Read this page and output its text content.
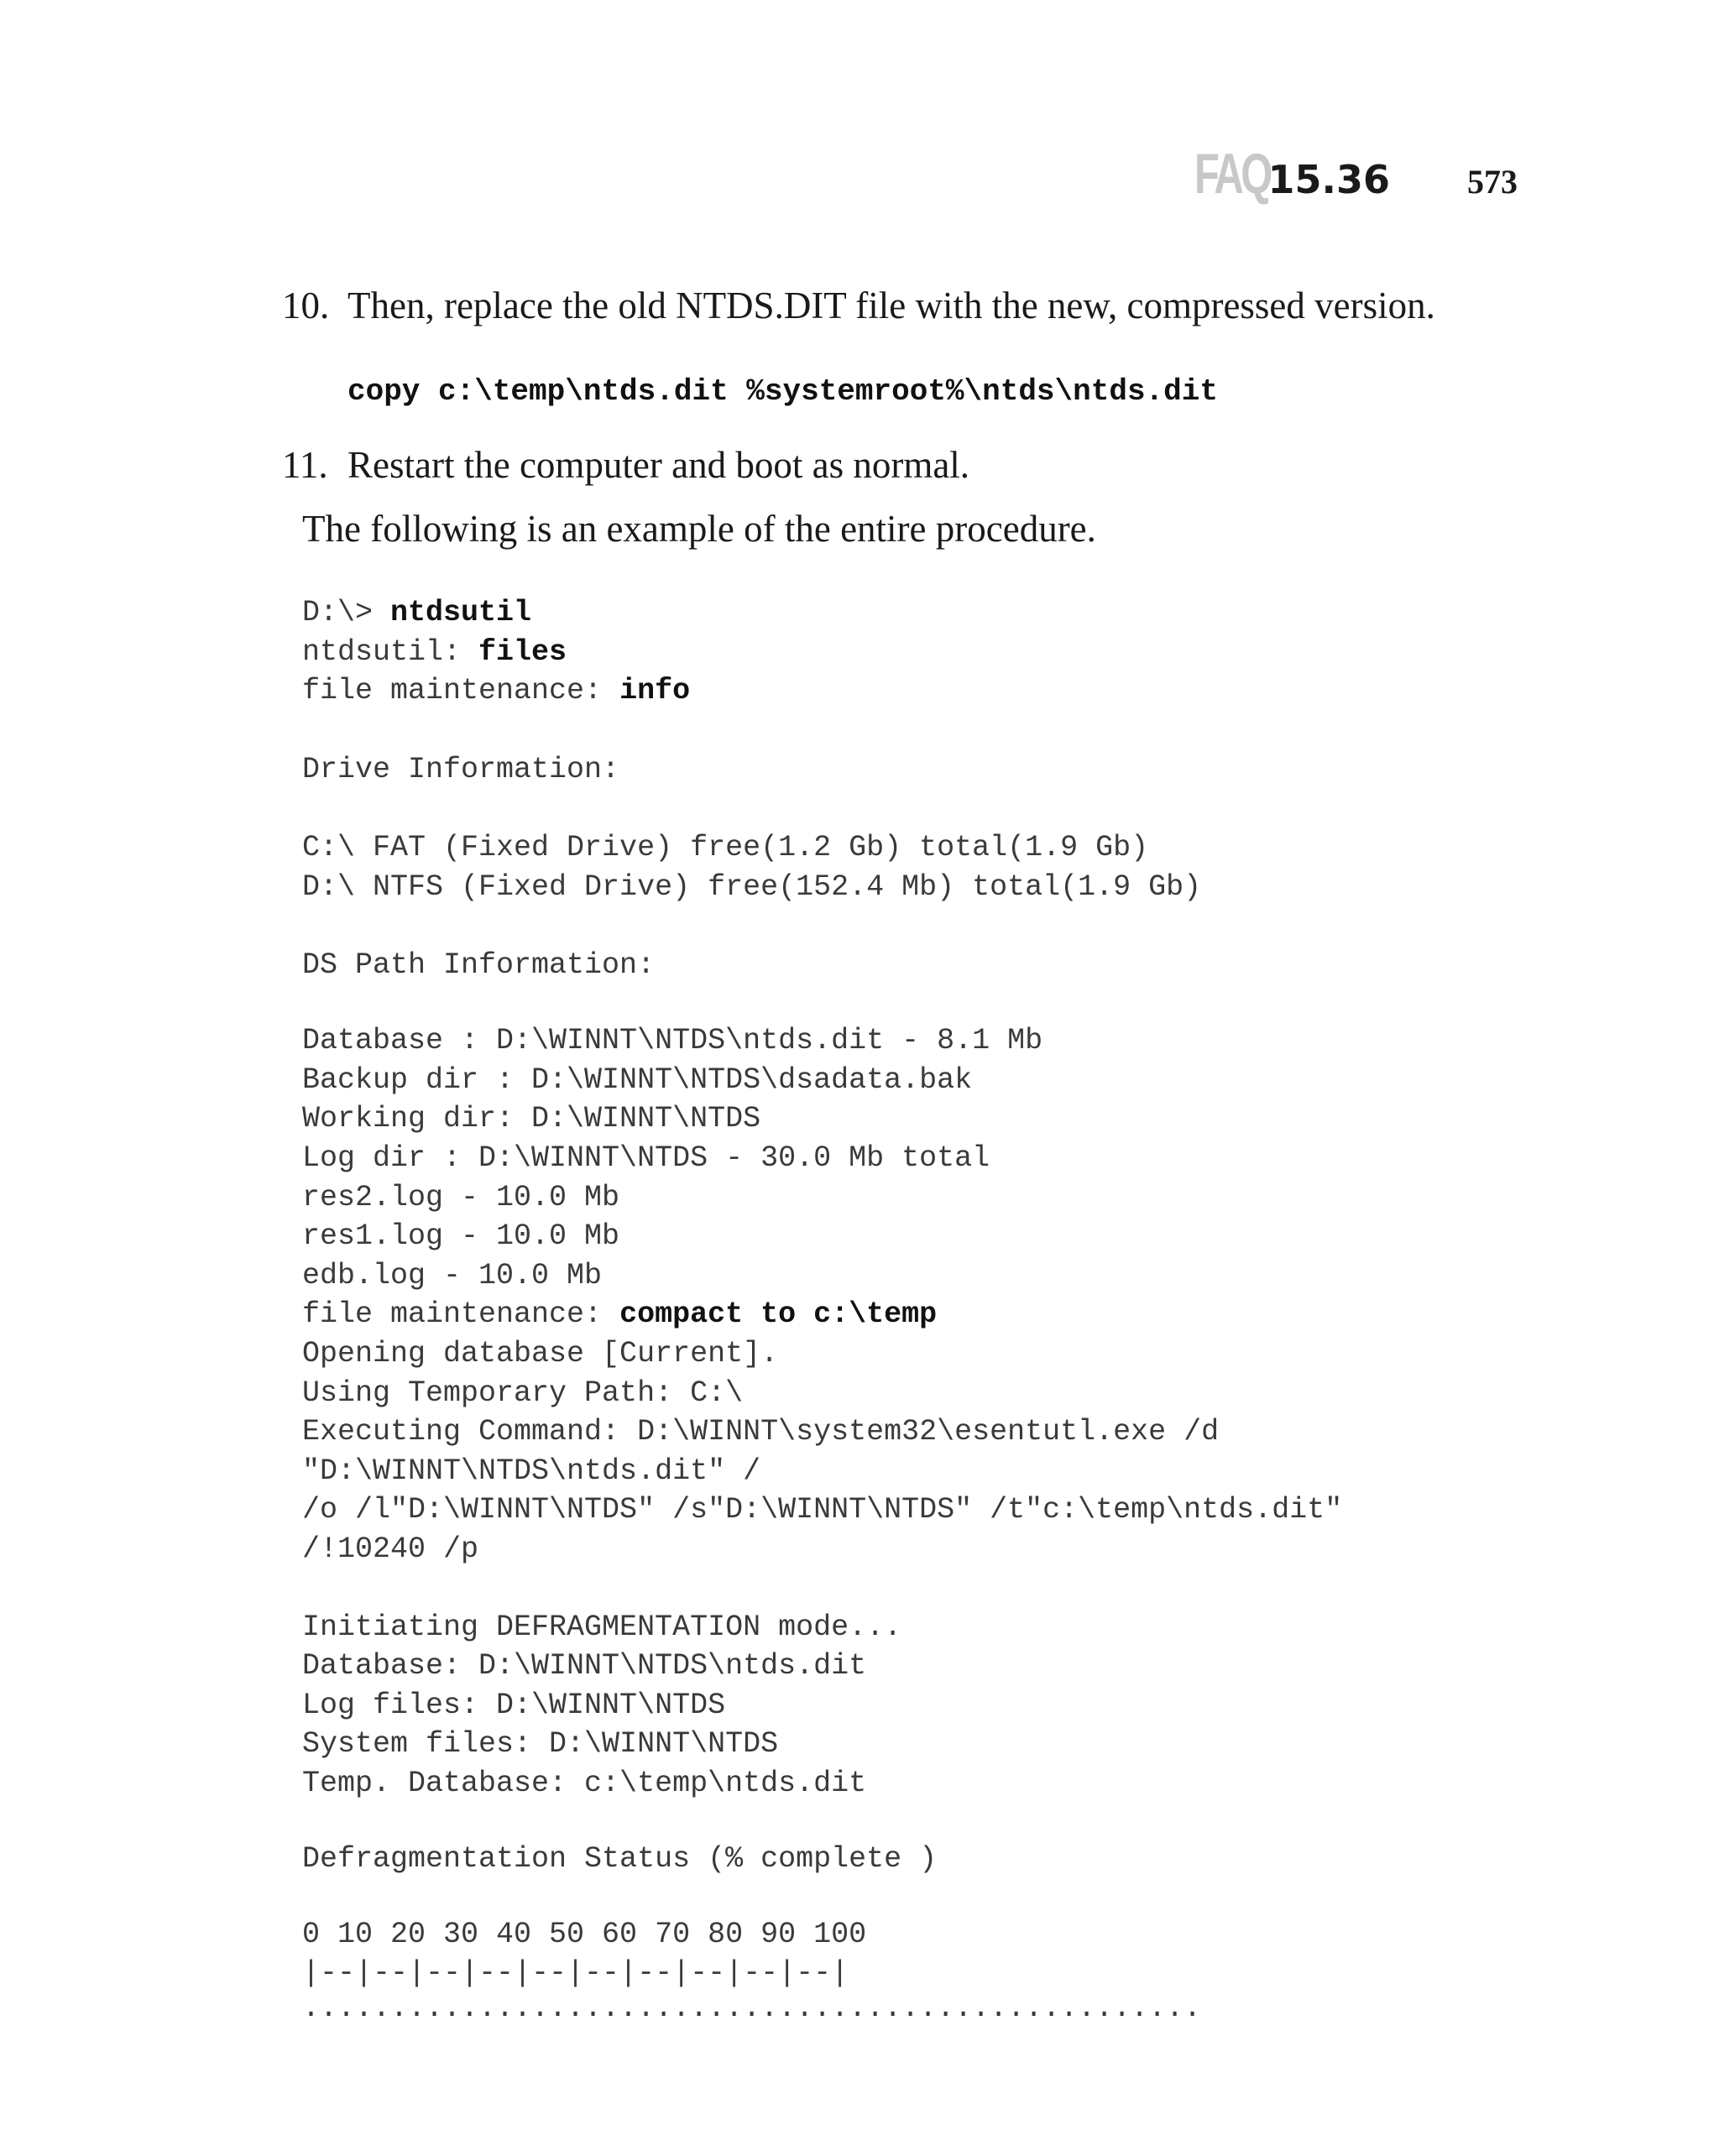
FAQ
15.36 573
10. Then, replace the old NTDS.DIT file with the new, compressed version.
copy c:\temp\ntds.dit %systemroot%\ntds\ntds.dit
11. Restart the computer and boot as normal.
The following is an example of the entire procedure.
D:\> ntdsutil
ntdsutil: files
file maintenance: info
Drive Information:
C:\ FAT (Fixed Drive) free(1.2 Gb) total(1.9 Gb)
D:\ NTFS (Fixed Drive) free(152.4 Mb) total(1.9 Gb)
DS Path Information:
Database : D:\WINNT\NTDS\ntds.dit - 8.1 Mb
Backup dir : D:\WINNT\NTDS\dsadata.bak
Working dir: D:\WINNT\NTDS
Log dir : D:\WINNT\NTDS - 30.0 Mb total
res2.log - 10.0 Mb
res1.log - 10.0 Mb
edb.log - 10.0 Mb
file maintenance: compact to c:\temp
Opening database [Current].
Using Temporary Path: C:\
Executing Command: D:\WINNT\system32\esentutl.exe /d
"D:\WINNT\NTDS\ntds.dit" /
/o /l"D:\WINNT\NTDS" /s"D:\WINNT\NTDS" /t"c:\temp\ntds.dit"
/!10240 /p
Initiating DEFRAGMENTATION mode...
Database: D:\WINNT\NTDS\ntds.dit
Log files: D:\WINNT\NTDS
System files: D:\WINNT\NTDS
Temp. Database: c:\temp\ntds.dit
Defragmentation Status (% complete )
0 10 20 30 40 50 60 70 80 90 100
|--|--|--|--|--|--|--|--|--|--|
...................................................
